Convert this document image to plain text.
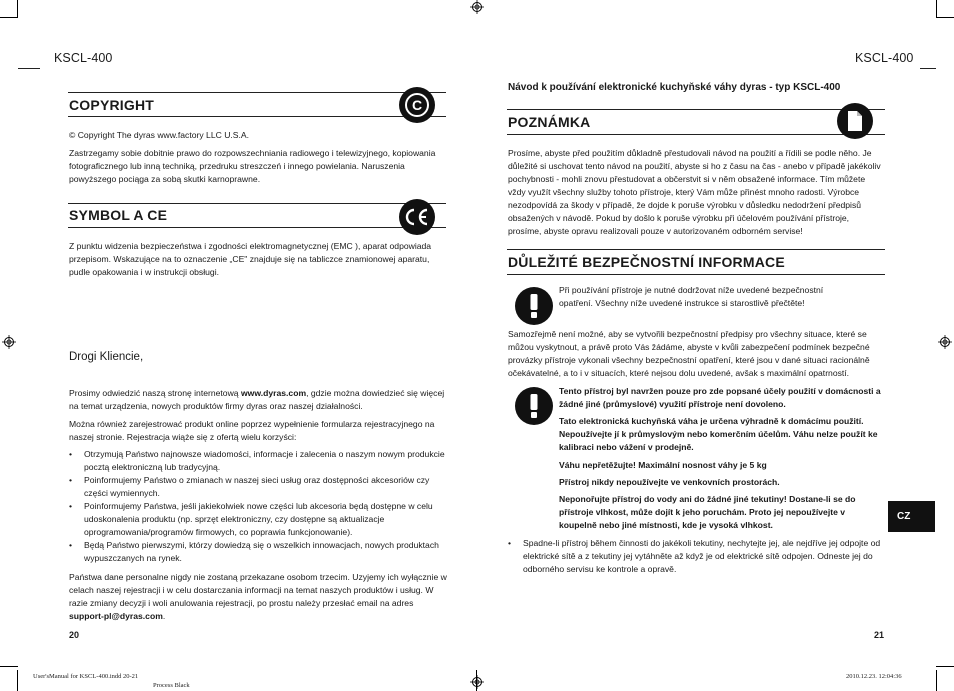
KSCL-400	KSCL-400
COPYRIGHT	C
© Copyright The dyras www.factory LLC U.S.A.
Zastrzegamy sobie dobitnie prawo do rozpowszechniania radiowego i telewizyjnego, kopiowania fotograficznego lub inną techniką, przedruku streszczeń i innego powielania. Naruszenia powyższego pociąga za sobą skutki karnoprawne.
SYMBOL A CE
Z punktu widzenia bezpieczeństwa i zgodności elektromagnetycznej (EMC ), aparat odpowiada przepisom. Wskazujące na to oznaczenie „CE" znajduje się na tabliczce znamionowej aparatu, pudle opakowania i w instrukcji obsługi.
Drogi Kliencie,
Prosimy odwiedzić naszą stronę internetową www.dyras.com, gdzie można dowiedzieć się więcej na temat urządzenia, nowych produktów firmy dyras oraz naszej działalności.
Można również zarejestrować produkt online poprzez wypełnienie formularza rejestracyjnego na naszej stronie. Rejestracja wiąże się z ofertą wielu korzyści:
• Otrzymują Państwo najnowsze wiadomości, informacje i zalecenia o naszym nowym produkcie pocztą elektroniczną lub tradycyjną.
• Poinformujemy Państwo o zmianach w naszej sieci usług oraz dostępności akcesoriów czy części wymiennych.
• Poinformujemy Państwa, jeśli jakiekolwiek nowe części lub akcesoria będą dostępne w celu udoskonalenia produktu (np. sprzęt elektroniczny, czy dostępne są aktualizacje oprogramowania/programów firmowych, co poprawia funkcjonowanie).
• Będą Państwo pierwszymi, którzy dowiedzą się o wszelkich innowacjach, nowych produktach wypuszczanych na rynek.
Państwa dane personalne nigdy nie zostaną przekazane osobom trzecim. Uzyjemy ich wyłącznie w celach naszej rejestracji i w celu dostarczania informacji na temat naszych produktów i usług. W razie zmiany decyzji i woli anulowania rejestracji, po prostu należy przesłać email na adres support-pl@dyras.com.
20
Návod k používání elektronické kuchyňské váhy dyras - typ KSCL-400
POZNÁMKA
Prosíme, abyste před použitím důkladně přestudovali návod na použití a řídili se podle něho. Je důležité si uschovat tento návod na použití, abyste si ho z času na čas - anebo v případě jakékoliv pochybnosti - mohli znovu přestudovat a občerstvit si v něm obsažené informace. Tím můžete vždy využít všechny služby tohoto přístroje, který Vám může přinést mnoho radosti. Výrobce nezodpovídá za škody v případě, že dojde k poruše výrobku v důsledku nedodržení předpisů obsažených v návodě. Pokud by došlo k poruše výrobku při účelovém používání přístroje, prosíme, abyste opravu realizovali pouze v autorizovaném odborném servise!
DŮLEŽITÉ BEZPEČNOSTNÍ INFORMACE
Při používání přístroje je nutné dodržovat níže uvedené bezpečnostní opatření. Všechny níže uvedené instrukce si starostlivě přečtěte!
Samozřejmě není možné, aby se vytvořili bezpečnostní předpisy pro všechny situace, které se můžou vyskytnout, a právě proto Vás žádáme, abyste v kvůli zabezpečení podmínek bezpečné provázky přístroje vykonali všechny bezpečnostní opatření, které jsou v dané situaci racionálně očekávatelné, a to i v situacích, které nejsou dolu uvedené, avšak s maximální opatrností.
Tento přístroj byl navržen pouze pro zde popsané účely použití v domácnosti a žádné jiné (průmyslové) využití přístroje není dovoleno.
Tato elektronická kuchyňská váha je určena výhradně k domácímu použití. Nepoužívejte jí k průmyslovým nebo komerčním účelům. Váhu nelze použít ke kalibraci nebo vážení v prodejně.
Váhu nepřetěžujte! Maximální nosnost váhy je 5 kg
Přístroj nikdy nepoužívejte ve venkovních prostorách.
Neponořujte přístroj do vody ani do žádné jiné tekutiny! Dostane-li se do přístroje vlhkost, může dojít k jeho poruchám. Proto jej nepoužívejte v koupelně nebo jiné místnosti, kde je vysoká vlhkost.
• Spadne-li přístroj během činnosti do jakékoli tekutiny, nechytejte jej, ale nejdříve jej odpojte od elektrické sítě a z tekutiny jej vytáhněte až když je od elektrické sítě odpojen. Odneste jej do odborného servisu ke kontrole a opravě.
CZ
21
User'sManual for KSCL-400.indd 20-21
Process Black
2010.12.23. 12:04:36
